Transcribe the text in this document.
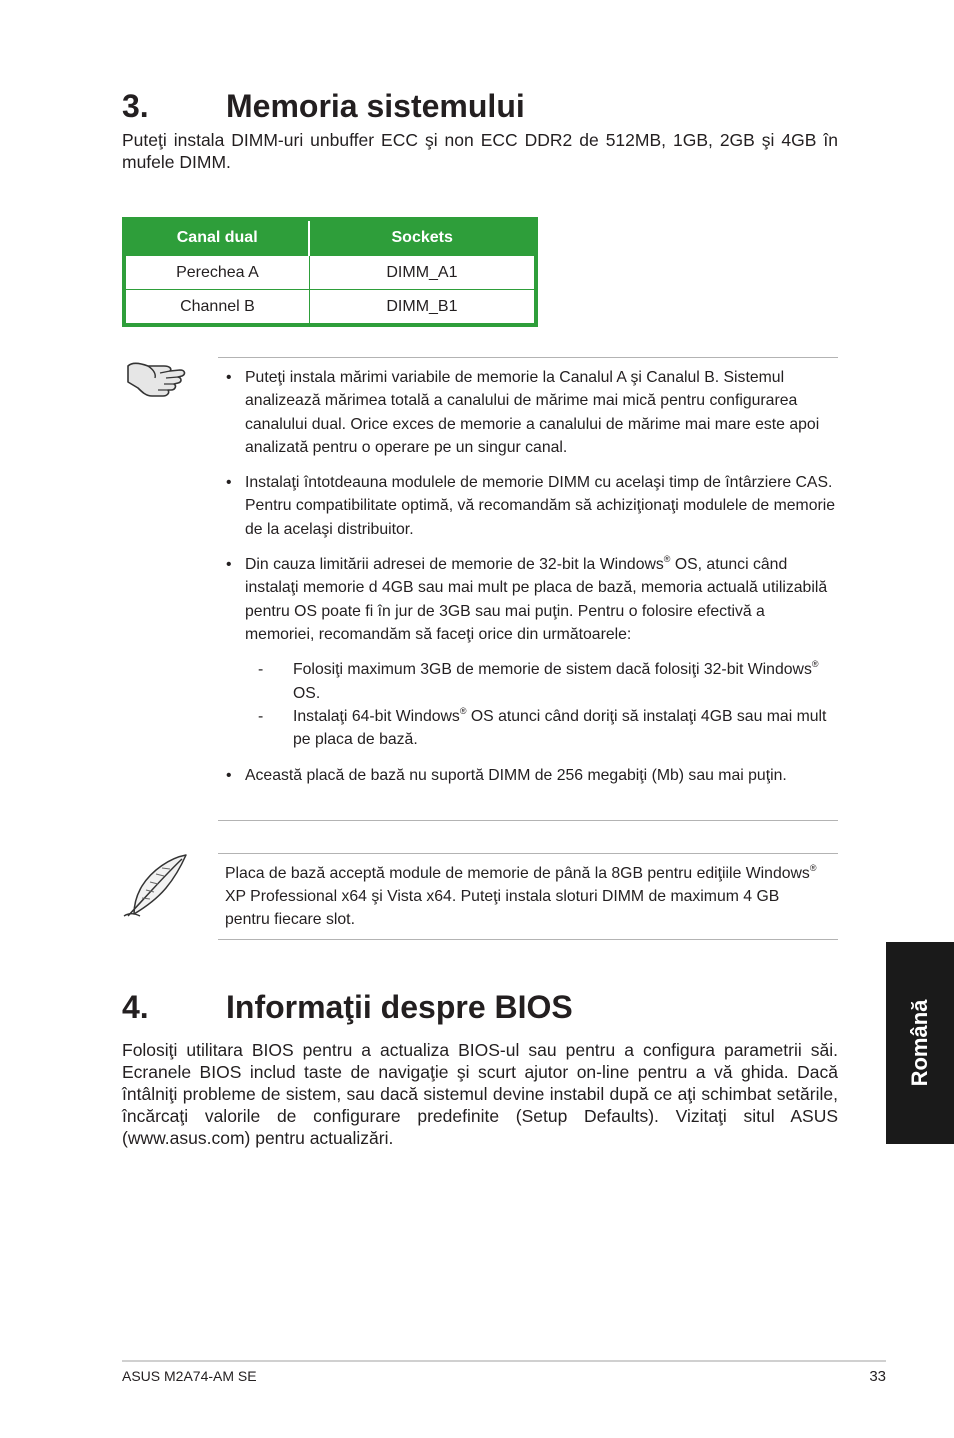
3. Memoria sistemului

Puteţi instala DIMM-uri unbuffer ECC şi non ECC DDR2 de 512MB, 1GB, 2GB şi 4GB în mufele DIMM.

Canal dual	Sockets
Perechea A	DIMM_A1
Channel B	DIMM_B1
• Puteţi instala mărimi variabile de memorie la Canalul A şi Canalul B. Sistemul analizează mărimea totală a canalului de mărime mai mică pentru configurarea canalului dual. Orice exces de memorie a canalului de mărime mai mare este apoi analizată pentru o operare pe un singur canal.
• Instalaţi întotdeauna modulele de memorie DIMM cu acelaşi timp de întârziere CAS. Pentru compatibilitate optimă, vă recomandăm să achiziţionaţi modulele de memorie de la acelaşi distribuitor.
• Din cauza limitării adresei de memorie de 32-bit la Windows® OS, atunci când instalaţi memorie d 4GB sau mai mult pe placa de bază, memoria actuală utilizabilă pentru OS poate fi în jur de 3GB sau mai puţin. Pentru o folosire efectivă a memoriei, recomandăm să faceţi orice din următoarele:
- Folosiţi maximum 3GB de memorie de sistem dacă folosiţi 32-bit Windows® OS.
- Instalaţi 64-bit Windows® OS atunci când doriţi să instalaţi 4GB sau mai mult pe placa de bază.
• Această placă de bază nu suportă DIMM de 256 megabiţi (Mb) sau mai puţin.

Placa de bază acceptă module de memorie de până la 8GB pentru ediţiile Windows® XP Professional x64 şi Vista x64. Puteţi instala sloturi DIMM de maximum 4 GB pentru fiecare slot.

4. Informaţii despre BIOS

Folosiţi utilitara BIOS pentru a actualiza BIOS-ul sau pentru a configura parametrii săi. Ecranele BIOS includ taste de navigaţie şi scurt ajutor on-line pentru a vă ghida. Dacă întâlniţi probleme de sistem, sau dacă sistemul devine instabil după ce aţi schimbat setările, încărcaţi valorile de configurare predefinite (Setup Defaults). Vizitaţi situl ASUS (www.asus.com) pentru actualizări.

Română
ASUS M2A74-AM SE	33
